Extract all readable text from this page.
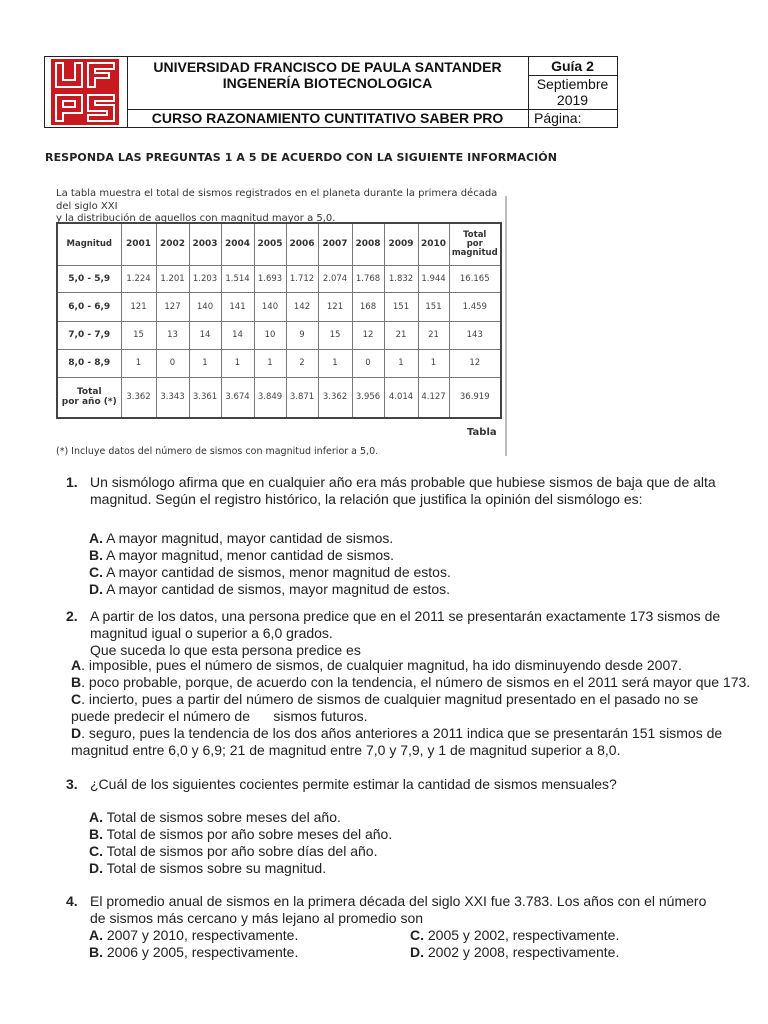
UNIVERSIDAD FRANCISCO DE PAULA SANTANDER
INGENERÍA BIOTECNOLOGICA
CURSO RAZONAMIENTO CUNTITATIVO SABER PRO
Guía 2
Septiembre
2019
Página:
RESPONDA LAS PREGUNTAS 1 A 5 DE ACUERDO CON LA SIGUIENTE INFORMACIÓN
La tabla muestra el total de sismos registrados en el planeta durante la primera década del siglo XXI
y la distribución de aquellos con magnitud mayor a 5,0.
Magnitud	2001	2002	2003	2004	2005	2006	2007	2008	2009	2010	Total
por
magnitud

5,0 - 5,9	1.224	1.201	1.203	1.514	1.693	1.712	2.074	1.768	1.832	1.944	16.165
6,0 - 6,9	121	127	140	141	140	142	121	168	151	151	1.459
7,0 - 7,9	15	13	14	14	10	9	15	12	21	21	143
8,0 - 8,9	1	0	1	1	1	2	1	0	1	1	12

Total
por año (*)	3.362	3.343	3.361	3.674	3.849	3.871	3.362	3.956	4.014	4.127	36.919
Tabla
(*) Incluye datos del número de sismos con magnitud inferior a 5,0.
1. Un sismólogo afirma que en cualquier año era más probable que hubiese sismos de baja que de alta
magnitud. Según el registro histórico, la relación que justifica la opinión del sismólogo es:
A. A mayor magnitud, mayor cantidad de sismos.
B. A mayor magnitud, menor cantidad de sismos.
C. A mayor cantidad de sismos, menor magnitud de estos.
D. A mayor cantidad de sismos, mayor magnitud de estos.
2. A partir de los datos, una persona predice que en el 2011 se presentarán exactamente 173 sismos de
magnitud igual o superior a 6,0 grados.
Que suceda lo que esta persona predice es
A. imposible, pues el número de sismos, de cualquier magnitud, ha ido disminuyendo desde 2007.
B. poco probable, porque, de acuerdo con la tendencia, el número de sismos en el 2011 será mayor que 173.
C. incierto, pues a partir del número de sismos de cualquier magnitud presentado en el pasado no se
puede predecir el número de      sismos futuros.
D. seguro, pues la tendencia de los dos años anteriores a 2011 indica que se presentarán 151 sismos de
magnitud entre 6,0 y 6,9; 21 de magnitud entre 7,0 y 7,9, y 1 de magnitud superior a 8,0.
3. ¿Cuál de los siguientes cocientes permite estimar la cantidad de sismos mensuales?
A. Total de sismos sobre meses del año.
B. Total de sismos por año sobre meses del año.
C. Total de sismos por año sobre días del año.
D. Total de sismos sobre su magnitud.
4. El promedio anual de sismos en la primera década del siglo XXI fue 3.783. Los años con el número
de sismos más cercano y más lejano al promedio son
A. 2007 y 2010, respectivamente.
B. 2006 y 2005, respectivamente.
C. 2005 y 2002, respectivamente.
D. 2002 y 2008, respectivamente.
